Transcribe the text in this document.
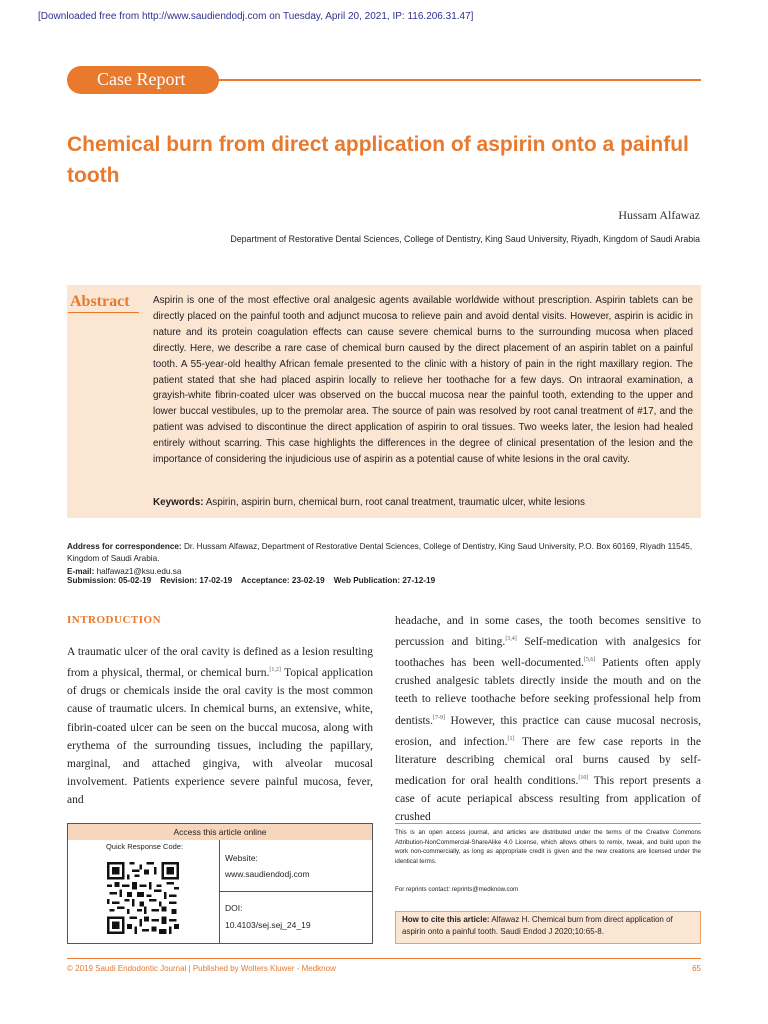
[Downloaded free from http://www.saudiendodj.com on Tuesday, April 20, 2021, IP: 116.206.31.47]
Case Report
Chemical burn from direct application of aspirin onto a painful tooth
Hussam Alfawaz
Department of Restorative Dental Sciences, College of Dentistry, King Saud University, Riyadh, Kingdom of Saudi Arabia
Abstract Aspirin is one of the most effective oral analgesic agents available worldwide without prescription. Aspirin tablets can be directly placed on the painful tooth and adjunct mucosa to relieve pain and avoid dental visits. However, aspirin is acidic in nature and its protein coagulation effects can cause severe chemical burns to the surrounding mucosa when placed directly. Here, we describe a rare case of chemical burn caused by the direct placement of an aspirin tablet on a painful tooth. A 55-year-old healthy African female presented to the clinic with a history of pain in the right maxillary region. The patient stated that she had placed aspirin locally to relieve her toothache for a few days. On intraoral examination, a grayish-white fibrin-coated ulcer was observed on the buccal mucosa near the painful tooth, extending to the upper and lower buccal vestibules, up to the premolar area. The source of pain was resolved by root canal treatment of #17, and the patient was advised to discontinue the direct application of aspirin to oral tissues. Two weeks later, the lesion had healed entirely without scarring. This case highlights the differences in the degree of clinical presentation of the lesion and the importance of considering the injudicious use of aspirin as a potential cause of white lesions in the oral cavity.
Keywords: Aspirin, aspirin burn, chemical burn, root canal treatment, traumatic ulcer, white lesions
Address for correspondence: Dr. Hussam Alfawaz, Department of Restorative Dental Sciences, College of Dentistry, King Saud University, P.O. Box 60169, Riyadh 11545, Kingdom of Saudi Arabia.
E-mail: halfawaz1@ksu.edu.sa
Submission: 05-02-19    Revision: 17-02-19    Acceptance: 23-02-19    Web Publication: 27-12-19
INTRODUCTION
A traumatic ulcer of the oral cavity is defined as a lesion resulting from a physical, thermal, or chemical burn.[1,2] Topical application of drugs or chemicals inside the oral cavity is the most common cause of traumatic ulcers. In chemical burns, an extensive, white, fibrin-coated ulcer can be seen on the buccal mucosa, along with erythema of the surrounding tissues, including the papillary, marginal, and attached gingiva, with alveolar mucosal involvement. Patients experience severe painful mucosa, fever, and
headache, and in some cases, the tooth becomes sensitive to percussion and biting.[3,4] Self-medication with analgesics for toothaches has been well-documented.[5,6] Patients often apply crushed analgesic tablets directly inside the mouth and on the teeth to relieve toothache before seeking professional help from dentists.[7-9] However, this practice can cause mucosal necrosis, erosion, and infection.[1] There are few case reports in the literature describing chemical oral burns caused by self-medication for oral health conditions.[10] This report presents a case of acute periapical abscess resulting from application of crushed
Access this article online
Quick Response Code:
Website:
www.saudiendodj.com
DOI:
10.4103/sej.sej_24_19
This is an open access journal, and articles are distributed under the terms of the Creative Commons Attribution-NonCommercial-ShareAlike 4.0 License, which allows others to remix, tweak, and build upon the work non-commercially, as long as appropriate credit is given and the new creations are licensed under the identical terms.
For reprints contact: reprints@medknow.com
How to cite this article: Alfawaz H. Chemical burn from direct application of aspirin onto a painful tooth. Saudi Endod J 2020;10:65-8.
© 2019 Saudi Endodontic Journal | Published by Wolters Kluwer - Medknow	65
